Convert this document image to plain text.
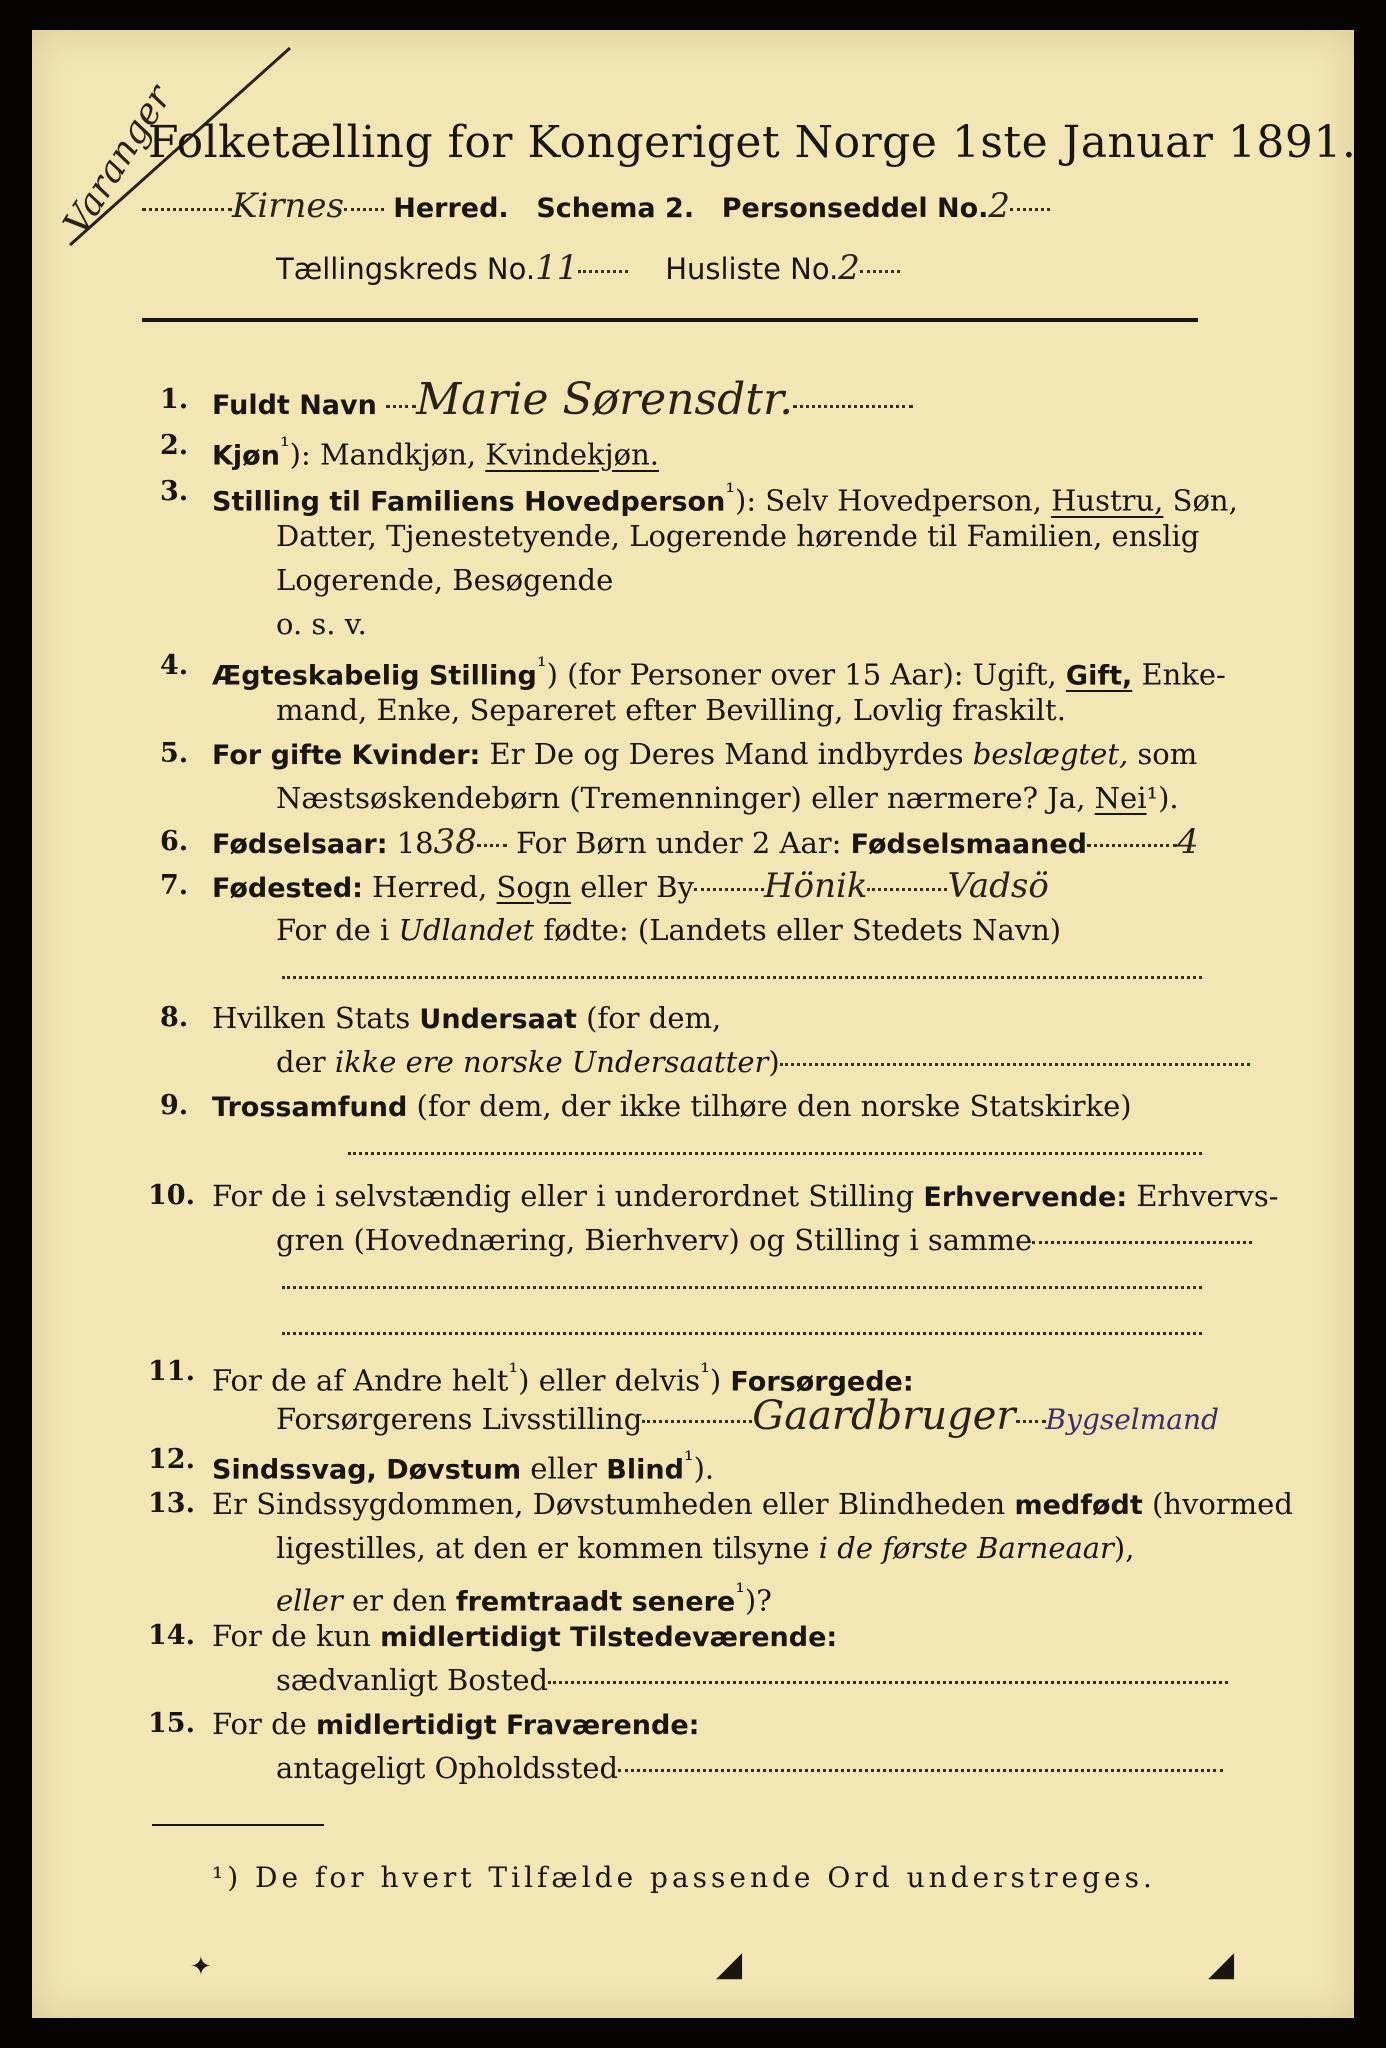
Varanger
Folketælling for Kongeriget Norge 1ste Januar 1891.
Kirnes Herred. Schema 2. Personseddel No.2
Tællingskreds No.11	Husliste No.2
1. Fuldt Navn Marie Sørensdtr.
2. Kjøn$^{^1}$): Mandkjøn, Kvindekjøn.
3. Stilling til Familiens Hovedperson$^{^1}$): Selv Hovedperson, Hustru, Søn,
Datter, Tjenestetyende, Logerende hørende til Familien, enslig
Logerende, Besøgende
o. s. v.
4. Ægteskabelig Stilling$^{^1}$) (for Personer over 15 Aar): Ugift, Gift, Enke-
mand, Enke, Separeret efter Bevilling, Lovlig fraskilt.
5. For gifte Kvinder: Er De og Deres Mand indbyrdes beslægtet, som
Næstsøskendebørn (Tremenninger) eller nærmere? Ja, Nei¹).
6. Fødselsaar: 1838 For Børn under 2 Aar: Fødselsmaaned	4
7. Fødested: Herred, Sogn eller By Hönik Vadsö
For de i Udlandet fødte: (Landets eller Stedets Navn)
8. Hvilken Stats Undersaat (for dem,
der ikke ere norske Undersaatter)
9. Trossamfund (for dem, der ikke tilhøre den norske Statskirke)
10. For de i selvstændig eller i underordnet Stilling Erhvervende: Erhvervs-
gren (Hovednæring, Bierhverv) og Stilling i samme
11. For de af Andre helt$^{^1}$) eller delvis$^{^1}$) Forsørgede:
Forsørgerens Livsstilling	Gaardbruger Bygselmand
12. Sindssvag, Døvstum eller Blind$^{^1}$).
13. Er Sindssygdommen, Døvstumheden eller Blindheden medfødt (hvormed
ligestilles, at den er kommen tilsyne i de første Barneaar),
eller er den fremtraadt senere$^{^1}$)?
14. For de kun midlertidigt Tilstedeværende:
sædvanligt Bosted
15. For de midlertidigt Fraværende:
antageligt Opholdssted
¹) De for hvert Tilfælde passende Ord understreges.
✦	◢	◢
